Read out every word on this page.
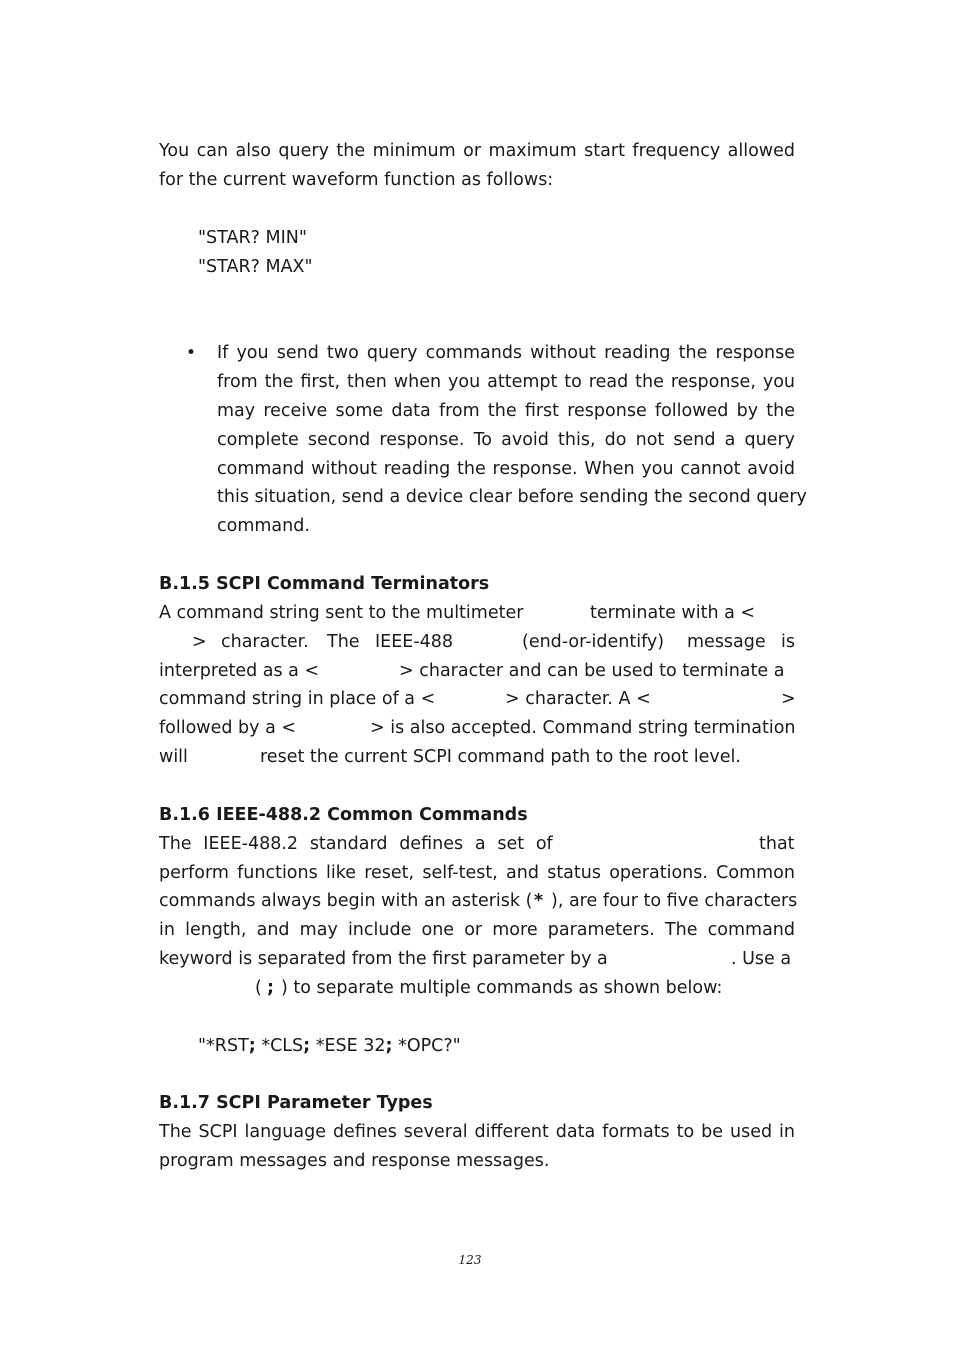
You can also query the minimum or maximum start frequency allowed
for the current waveform function as follows:
"STAR? MIN"
"STAR? MAX"
• If you send two query commands without reading the response
from the first, then when you attempt to read the response, you
may receive some data from the first response followed by the
complete second response. To avoid this, do not send a query
command without reading the response. When you cannot avoid
this situation, send a device clear before sending the second query
command.
B.1.5 SCPI Command Terminators
A command string sent to the multimeter	terminate with a <
> character. The IEEE-488	(end-or-identify) message is
interpreted as a <	> character and can be used to terminate a
command string in place of a <	> character. A <	>
followed by a <	> is also accepted. Command string termination
will	reset the current SCPI command path to the root level.
B.1.6 IEEE-488.2 Common Commands
The IEEE-488.2 standard defines a set of	that
perform functions like reset, self-test, and status operations. Common
commands always begin with an asterisk ( * ), are four to five characters
in length, and may include one or more parameters. The command
keyword is separated from the first parameter by a	. Use a
( ; ) to separate multiple commands as shown below:
"*RST; *CLS; *ESE 32; *OPC?"
B.1.7 SCPI Parameter Types
The SCPI language defines several different data formats to be used in
program messages and response messages.
123
